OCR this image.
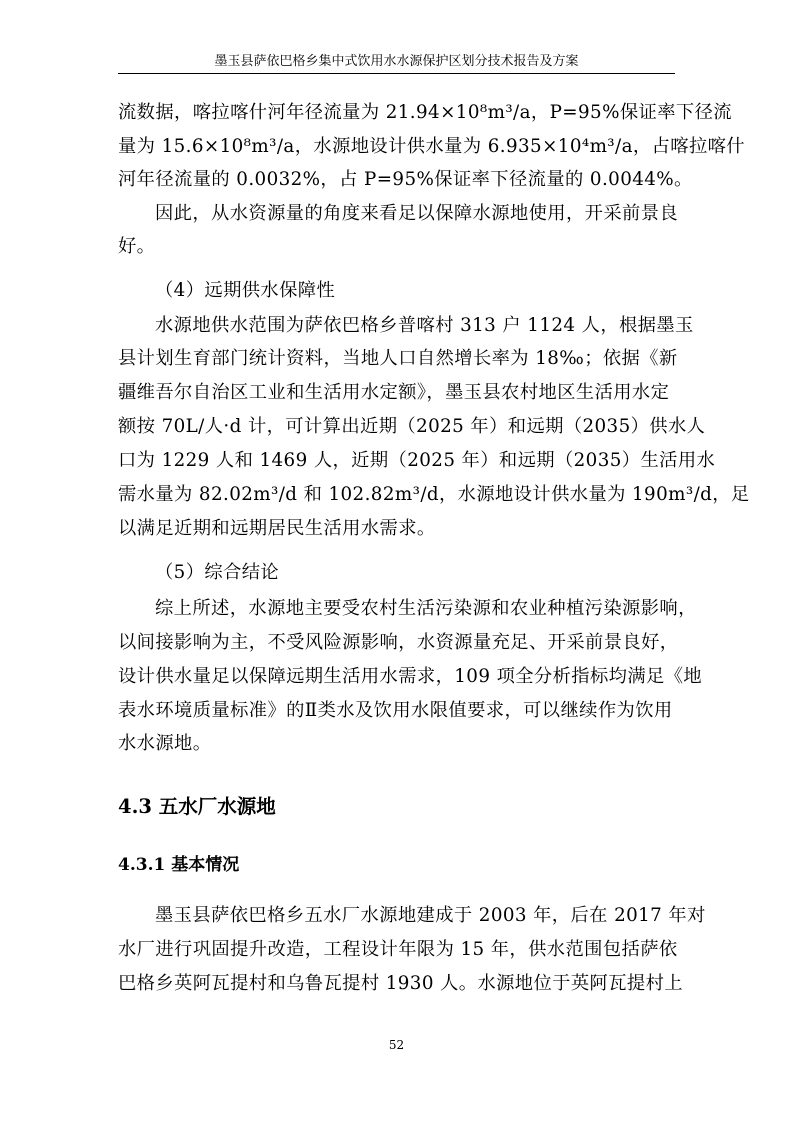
墨玉县萨依巴格乡集中式饮用水水源保护区划分技术报告及方案
流数据，喀拉喀什河年径流量为 21.94×10⁸m³/a，P=95%保证率下径流
量为 15.6×10⁸m³/a，水源地设计供水量为 6.935×10⁴m³/a，占喀拉喀什
河年径流量的 0.0032%，占 P=95%保证率下径流量的 0.0044%。
因此，从水资源量的角度来看足以保障水源地使用，开采前景良
好。
（4）远期供水保障性
水源地供水范围为萨依巴格乡普喀村 313 户 1124 人，根据墨玉
县计划生育部门统计资料，当地人口自然增长率为 18‰；依据《新
疆维吾尔自治区工业和生活用水定额》，墨玉县农村地区生活用水定
额按 70L/人·d 计，可计算出近期（2025 年）和远期（2035）供水人
口为 1229 人和 1469 人，近期（2025 年）和远期（2035）生活用水
需水量为 82.02m³/d 和 102.82m³/d，水源地设计供水量为 190m³/d，足
以满足近期和远期居民生活用水需求。
（5）综合结论
综上所述，水源地主要受农村生活污染源和农业种植污染源影响，
以间接影响为主，不受风险源影响，水资源量充足、开采前景良好，
设计供水量足以保障远期生活用水需求，109 项全分析指标均满足《地
表水环境质量标准》的Ⅱ类水及饮用水限值要求，可以继续作为饮用
水水源地。
4.3 五水厂水源地
4.3.1 基本情况
墨玉县萨依巴格乡五水厂水源地建成于 2003 年，后在 2017 年对
水厂进行巩固提升改造，工程设计年限为 15 年，供水范围包括萨依
巴格乡英阿瓦提村和乌鲁瓦提村 1930 人。水源地位于英阿瓦提村上
52
